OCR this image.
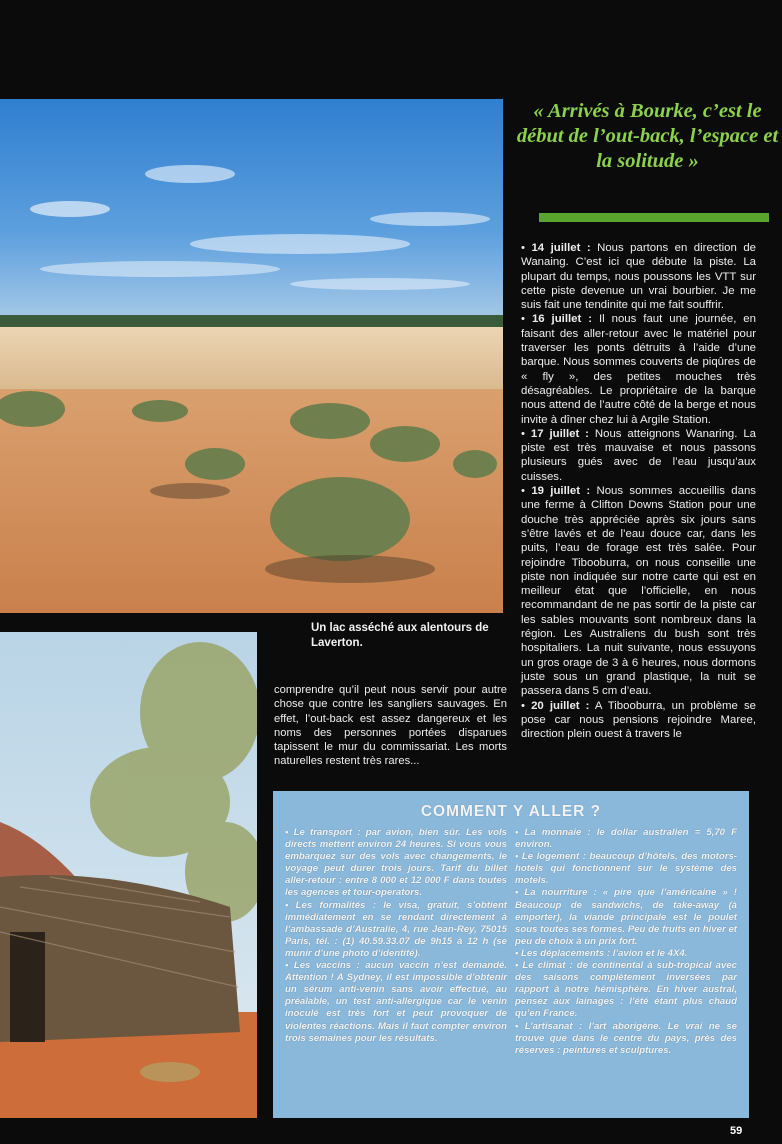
« Arrivés à Bourke, c’est le début de l’out-back, l’espace et la solitude »

• 14 juillet : Nous partons en direction de Wanaing. C’est ici que débute la piste. La plupart du temps, nous poussons les VTT sur cette piste devenue un vrai bourbier. Je me suis fait une tendinite qui me fait souffrir.

• 16 juillet : Il nous faut une journée, en faisant des aller-retour avec le matériel pour traverser les ponts détruits à l’aide d’une barque. Nous sommes couverts de piqûres de « fly », des petites mouches très désagréables. Le propriétaire de la barque nous attend de l’autre côté de la berge et nous invite à dîner chez lui à Argile Station.

• 17 juillet : Nous atteignons Wanaring. La piste est très mauvaise et nous passons plusieurs gués avec de l’eau jusqu’aux cuisses.

• 19 juillet : Nous sommes accueillis dans une ferme à Clifton Downs Station pour une douche très appréciée après six jours sans s’être lavés et de l’eau douce car, dans les puits, l’eau de forage est très salée. Pour rejoindre Tibooburra, on nous conseille une piste non indiquée sur notre carte qui est en meilleur état que l’officielle, en nous recommandant de ne pas sortir de la piste car les sables mouvants sont nombreux dans la région. Les Australiens du bush sont très hospitaliers. La nuit suivante, nous essuyons un gros orage de 3 à 6 heures, nous dormons juste sous un grand plastique, la nuit se passera dans 5 cm d’eau.

• 20 juillet : A Tibooburra, un problème se pose car nous pensions rejoindre Maree, direction plein ouest à travers le

Un lac asséché aux alentours de Laverton.
comprendre qu’il peut nous servir pour autre chose que contre les sangliers sauvages. En effet, l’out-back est assez dangereux et les noms des personnes portées disparues tapissent le mur du commissariat. Les morts naturelles restent très rares...
COMMENT Y ALLER ?

• Le transport : par avion, bien sûr. Les vols directs mettent environ 24 heures. Si vous vous embarquez sur des vols avec changements, le voyage peut durer trois jours. Tarif du billet aller-retour : entre 8 000 et 12 000 F dans toutes les agences et tour-operators.

• Les formalités : le visa, gratuit, s’obtient immédiatement en se rendant directement à l’ambassade d’Australie, 4, rue Jean-Rey, 75015 Paris, tél. : (1) 40.59.33.07 de 9h15 à 12 h (se munir d’une photo d’identité).

• Les vaccins : aucun vaccin n’est demandé. Attention ! A Sydney, il est impossible d’obtenir un sérum anti-venin sans avoir effectué, au préalable, un test anti-allergique car le venin inoculé est très fort et peut provoquer de violentes réactions. Mais il faut compter environ trois semaines pour les résultats.

• La monnaie : le dollar australien = 5,70 F environ.

• Le logement : beaucoup d’hôtels, des motors-hotels qui fonctionnent sur le système des motels.

• La nourriture : « pire que l’américaine » ! Beaucoup de sandwichs, de take-away (à emporter), la viande principale est le poulet sous toutes ses formes. Peu de fruits en hiver et peu de choix à un prix fort.

• Les déplacements : l’avion et le 4X4.

• Le climat : de continental à sub-tropical avec des saisons complètement inversées par rapport à notre hémisphère. En hiver austral, pensez aux lainages : l’été étant plus chaud qu’en France.

• L’artisanat : l’art aborigène. Le vrai ne se trouve que dans le centre du pays, près des réserves : peintures et sculptures.

59
